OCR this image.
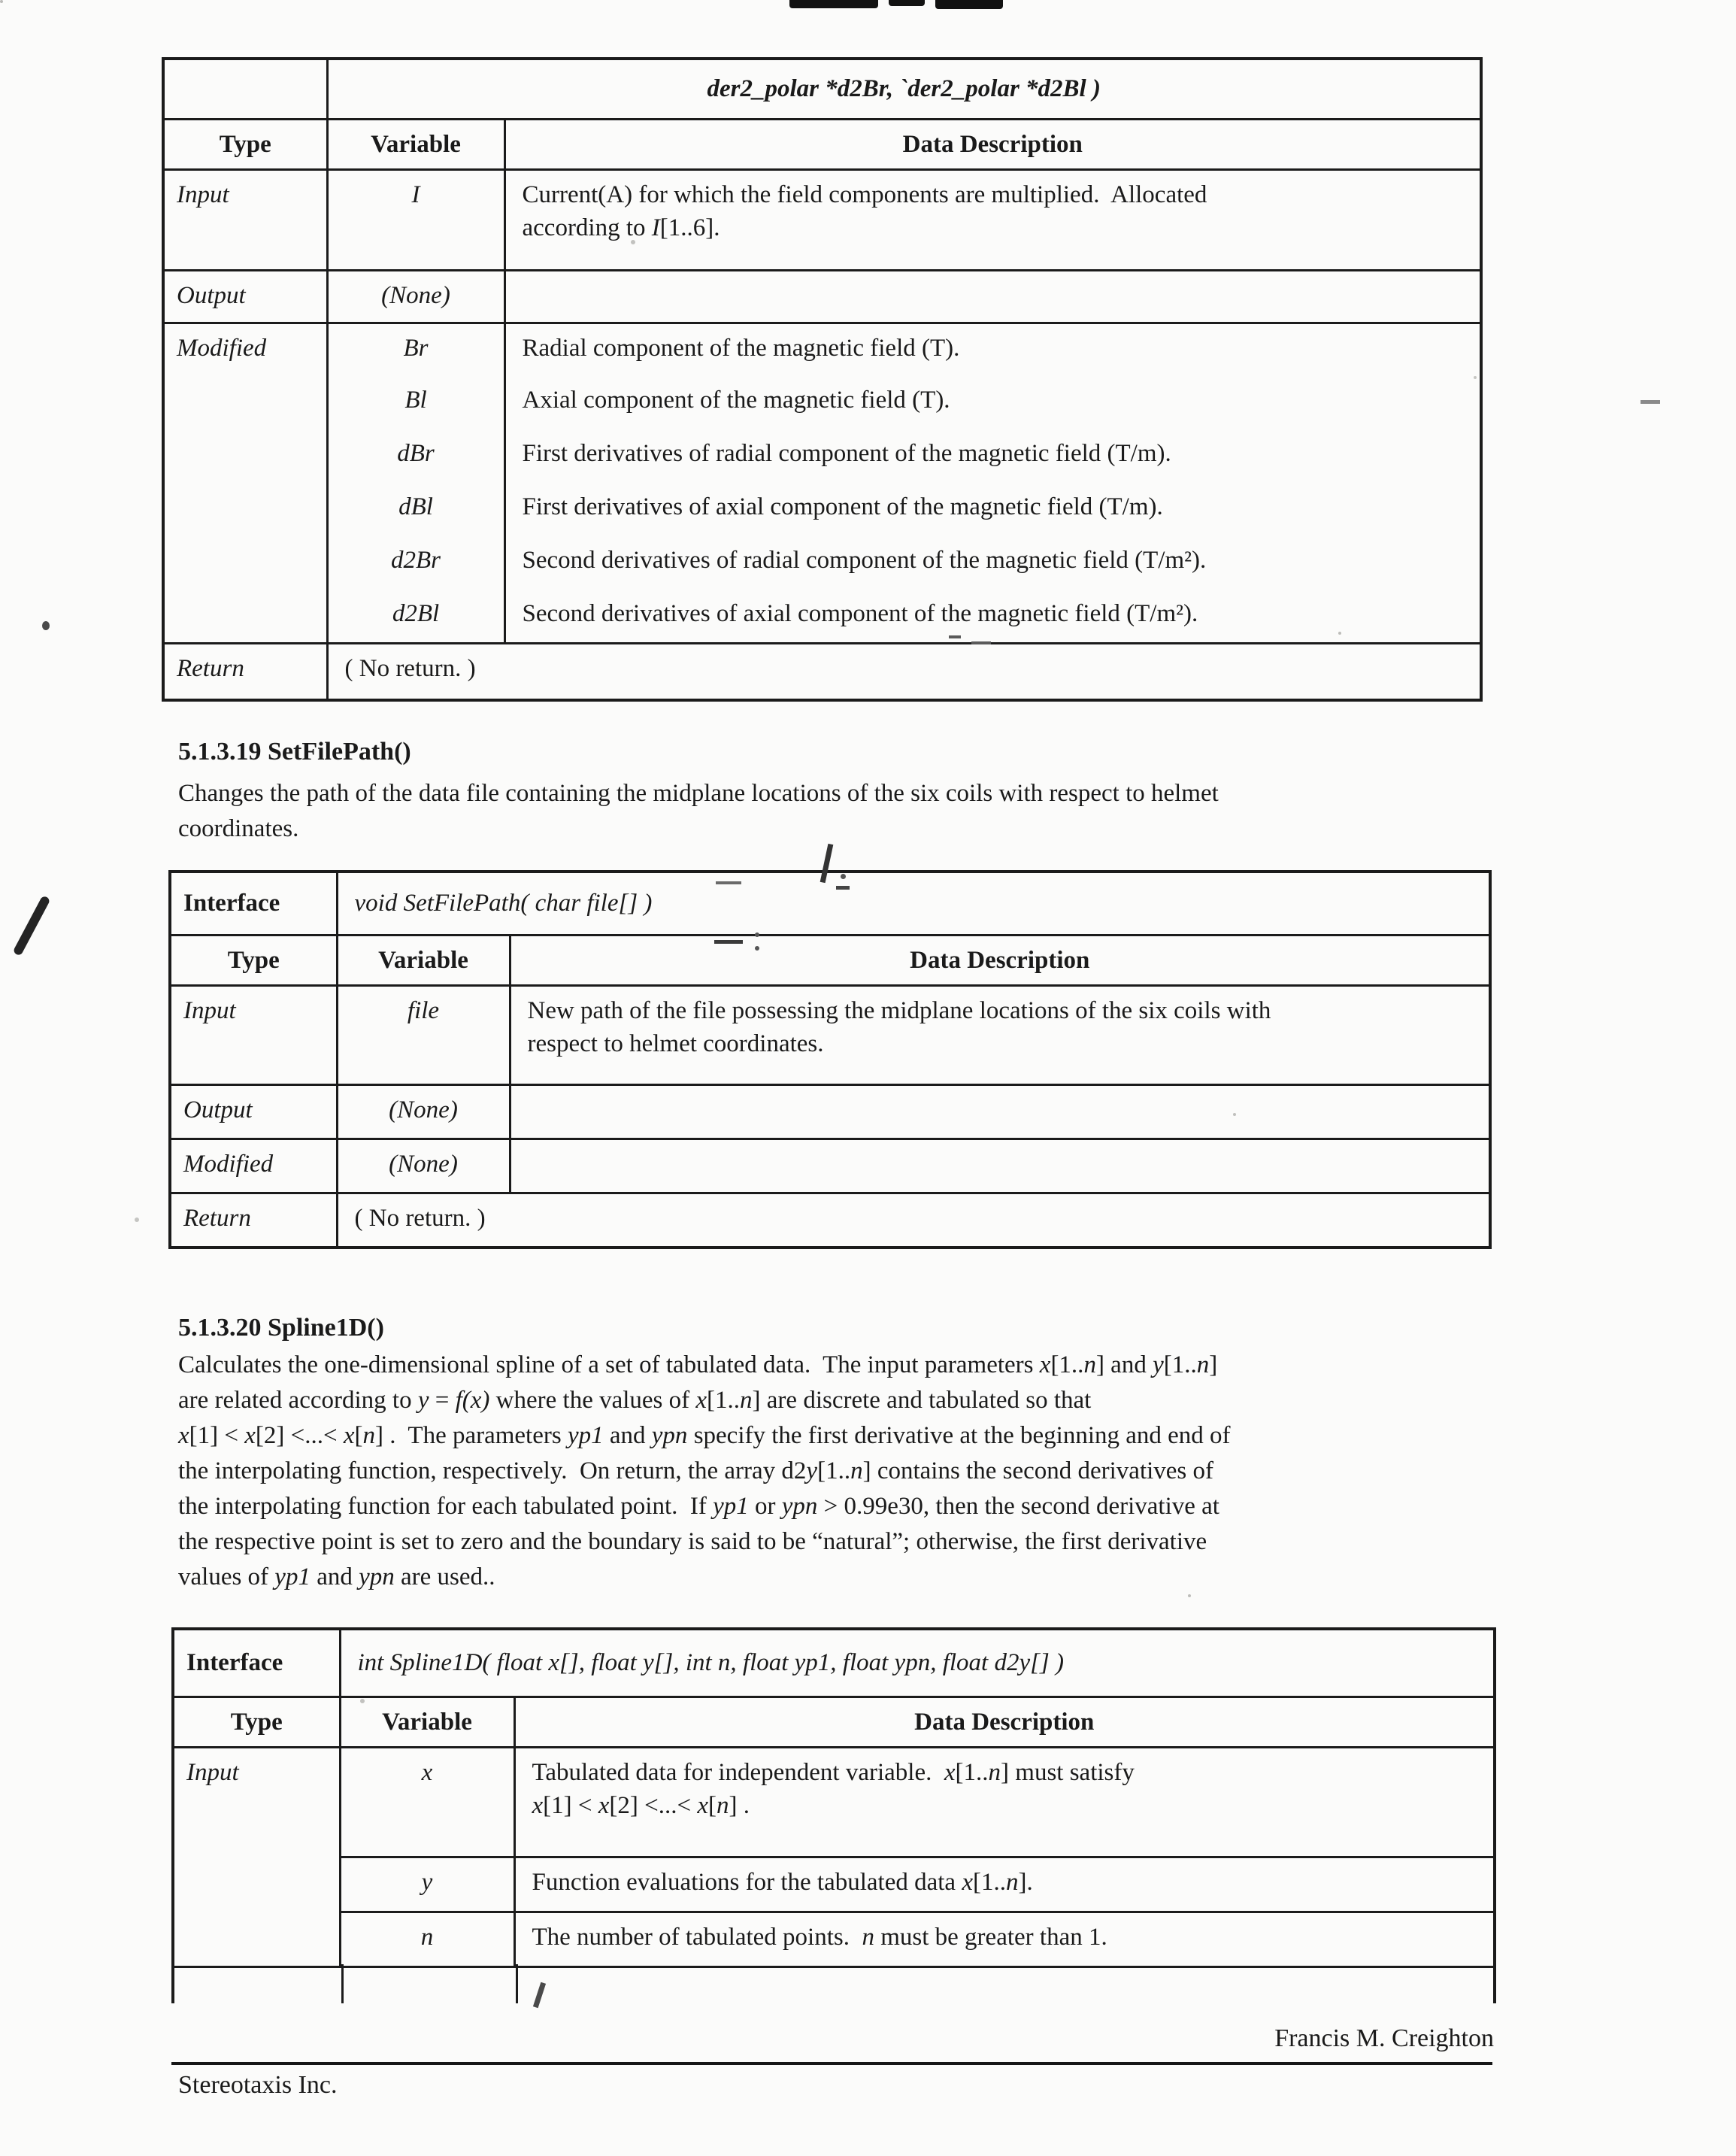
	der2_polar *d2Br, `der2_polar *d2Bl )	
Type	Variable	Data Description
Input	I	Current(A) for which the field components are multiplied.  Allocated
according to I[1..6].
Output	(None)	
Modified	Br	Radial component of the magnetic field (T).
	Bl	Axial component of the magnetic field (T).
	dBr	First derivatives of radial component of the magnetic field (T/m).
	dBl	First derivatives of axial component of the magnetic field (T/m).
	d2Br	Second derivatives of radial component of the magnetic field (T/m²).
	d2Bl	Second derivatives of axial component of the magnetic field (T/m²).
Return	( No return. )	
5.1.3.19 SetFilePath()
Changes the path of the data file containing the midplane locations of the six coils with respect to helmet
coordinates.
Interface	void SetFilePath( char file[] )	
Type	Variable	Data Description
Input	file	New path of the file possessing the midplane locations of the six coils with
respect to helmet coordinates.
Output	(None)	
Modified	(None)	
Return	( No return. )	
5.1.3.20 Spline1D()
Calculates the one-dimensional spline of a set of tabulated data.  The input parameters x[1..n] and y[1..n]
are related according to y = f(x) where the values of x[1..n] are discrete and tabulated so that
x[1] < x[2] <...< x[n] .  The parameters yp1 and ypn specify the first derivative at the beginning and end of
the interpolating function, respectively.  On return, the array d2y[1..n] contains the second derivatives of
the interpolating function for each tabulated point.  If yp1 or ypn > 0.99e30, then the second derivative at
the respective point is set to zero and the boundary is said to be “natural”; otherwise, the first derivative
values of yp1 and ypn are used..
Interface	int Spline1D( float x[], float y[], int n, float yp1, float ypn, float d2y[] )	
Type	Variable	Data Description
Input	x	Tabulated data for independent variable.  x[1..n] must satisfy
x[1] < x[2] <...< x[n] .
	y	Function evaluations for the tabulated data x[1..n].
	n	The number of tabulated points.  n must be greater than 1.
Francis M. Creighton
Stereotaxis Inc.
